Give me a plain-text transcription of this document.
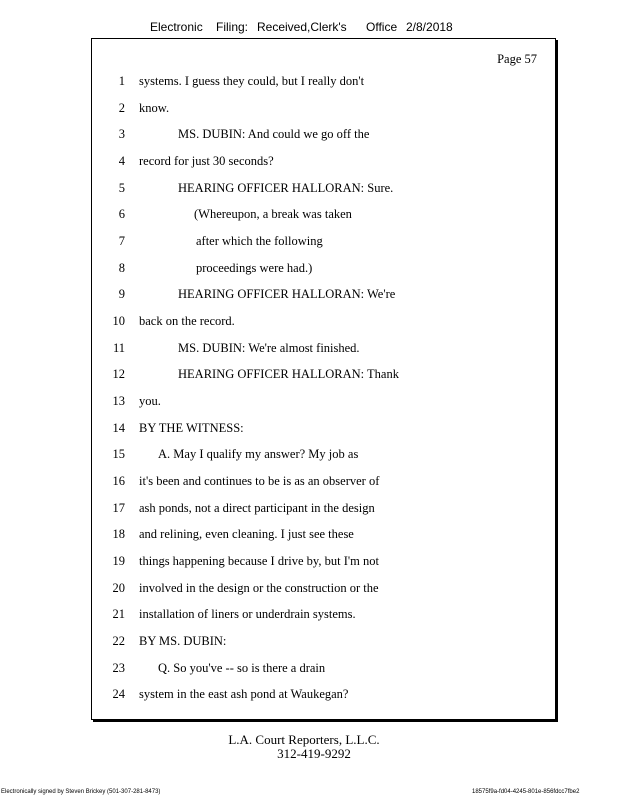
Electronic Filing: Received,Clerk's Office 2/8/2018
Page 57
1 systems. I guess they could, but I really don't
2 know.
3	MS. DUBIN: And could we go off the
4 record for just 30 seconds?
5	HEARING OFFICER HALLORAN: Sure.
6	(Whereupon, a break was taken
7	after which the following
8	proceedings were had.)
9	HEARING OFFICER HALLORAN: We're
10 back on the record.
11	MS. DUBIN: We're almost finished.
12	HEARING OFFICER HALLORAN: Thank
13 you.
14 BY THE WITNESS:
15	A. May I qualify my answer? My job as
16 it's been and continues to be is as an observer of
17 ash ponds, not a direct participant in the design
18 and relining, even cleaning. I just see these
19 things happening because I drive by, but I'm not
20 involved in the design or the construction or the
21 installation of liners or underdrain systems.
22 BY MS. DUBIN:
23	Q. So you've -- so is there a drain
24 system in the east ash pond at Waukegan?
L.A. Court Reporters, L.L.C.
312-419-9292
Electronically signed by Steven Brickey (501-307-281-8473)	18575f9a-fd04-4245-801e-856fdcc7fbe2
